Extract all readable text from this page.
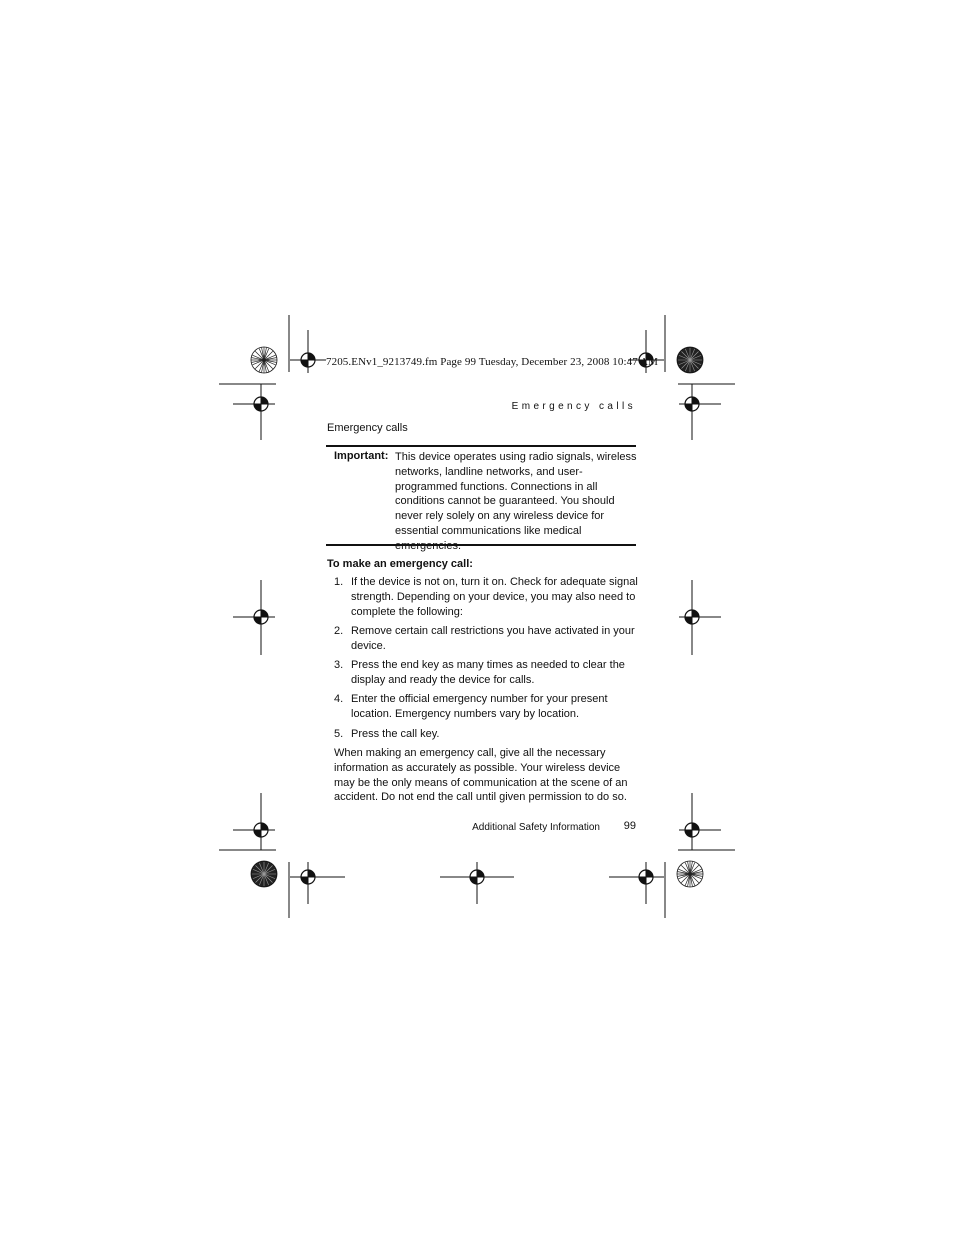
7205.ENv1_9213749.fm Page 99 Tuesday, December 23, 2008 10:47 AM
Emergency calls
Emergency calls
Important: This device operates using radio signals, wireless networks, landline networks, and user-programmed functions. Connections in all conditions cannot be guaranteed. You should never rely solely on any wireless device for essential communications like medical
To make an emergency call:
1. If the device is not on, turn it on. Check for adequate signal strength. Depending on your device, you may also need to complete the following:
2. Remove certain call restrictions you have activated in your device.
3. Press the end key as many times as needed to clear the display and ready the device for calls.
4. Enter the official emergency number for your present location. Emergency numbers vary by location.
5. Press the call key.
When making an emergency call, give all the necessary information as accurately as possible. Your wireless device may be the only means of communication at the scene of an accident. Do not end the call until given permission to do so.
Additional Safety Information	99
